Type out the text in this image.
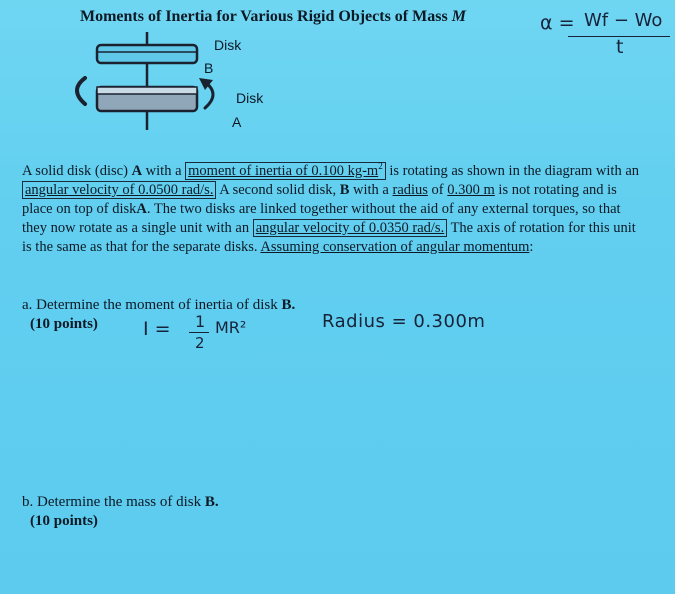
Moments of Inertia for Various Rigid Objects of Mass M	α = Wf − Wo
t
Disk
B
Disk
A
A solid disk (disc) A with a moment of inertia of 0.100 $kg-m^2$ is rotating as shown in the diagram with an angular velocity of 0.0500 rad/s. A second solid disk, B with a radius of 0.300 m is not rotating and is place on top of diskA. The two disks are linked together without the aid of any external torques, so that they now rotate as a single unit with an angular velocity of 0.0350 rad/s. The axis of rotation for this unit is the same as that for the separate disks. Assuming conservation of angular momentum:
a. Determine the moment of inertia of disk B.
(10 points) I = 1
2
MR²	Radius = 0.300m
b. Determine the mass of disk B.
(10 points)
